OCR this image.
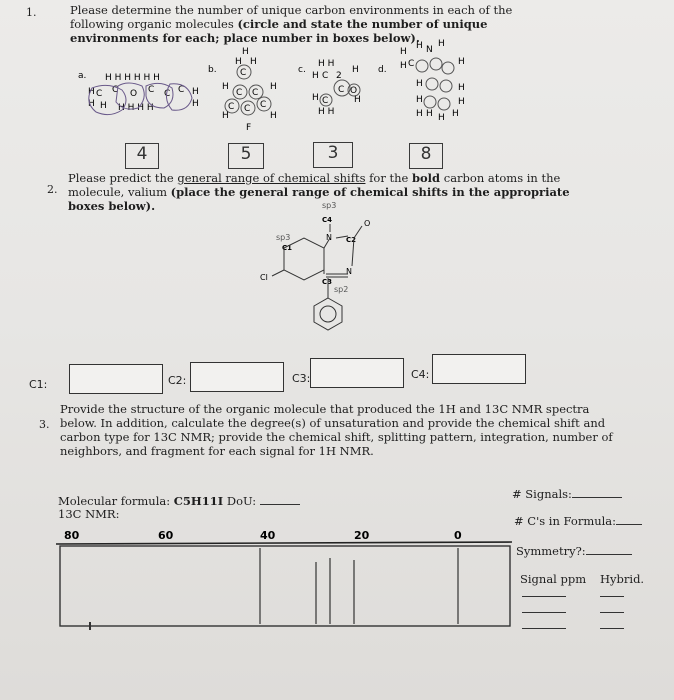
1.	Please determine the number of unique carbon environments in each of the following organic molecules (circle and state the number of unique environments for each; place number in boxes below).
a. H H H H H H
H C C O C C C H
H H H H H H	H
b.
H
H
H
C
H
C C
H
C C C
H	H
F
c.
H H
H C 2
H
C O
H C	H
H H
d.
H
H N
H
H C	H
H	H
H	H
H H H H
4	5	3	8
2.
Please predict the general range of chemical shifts for the bold carbon atoms in the molecule, valium (place the general range of chemical shifts in the appropriate boxes below).	sp3
sp3
sp2
C4
C2
C3
C1
N
N
O
Cl
C1:	C2:	C3:	C4:
3.
Provide the structure of the organic molecule that produced the 1H and 13C NMR spectra below. In addition, calculate the degree(s) of unsaturation and provide the chemical shift and carbon type for 13C NMR; provide the chemical shift, splitting pattern, integration, number of neighbors, and fragment for each signal for 1H NMR.
Molecular formula: C5H11I DoU:
13C NMR:
80	60	40	20	0
# Signals:
# C's in Formula:
Symmetry?:
Signal ppm Hybrid.
